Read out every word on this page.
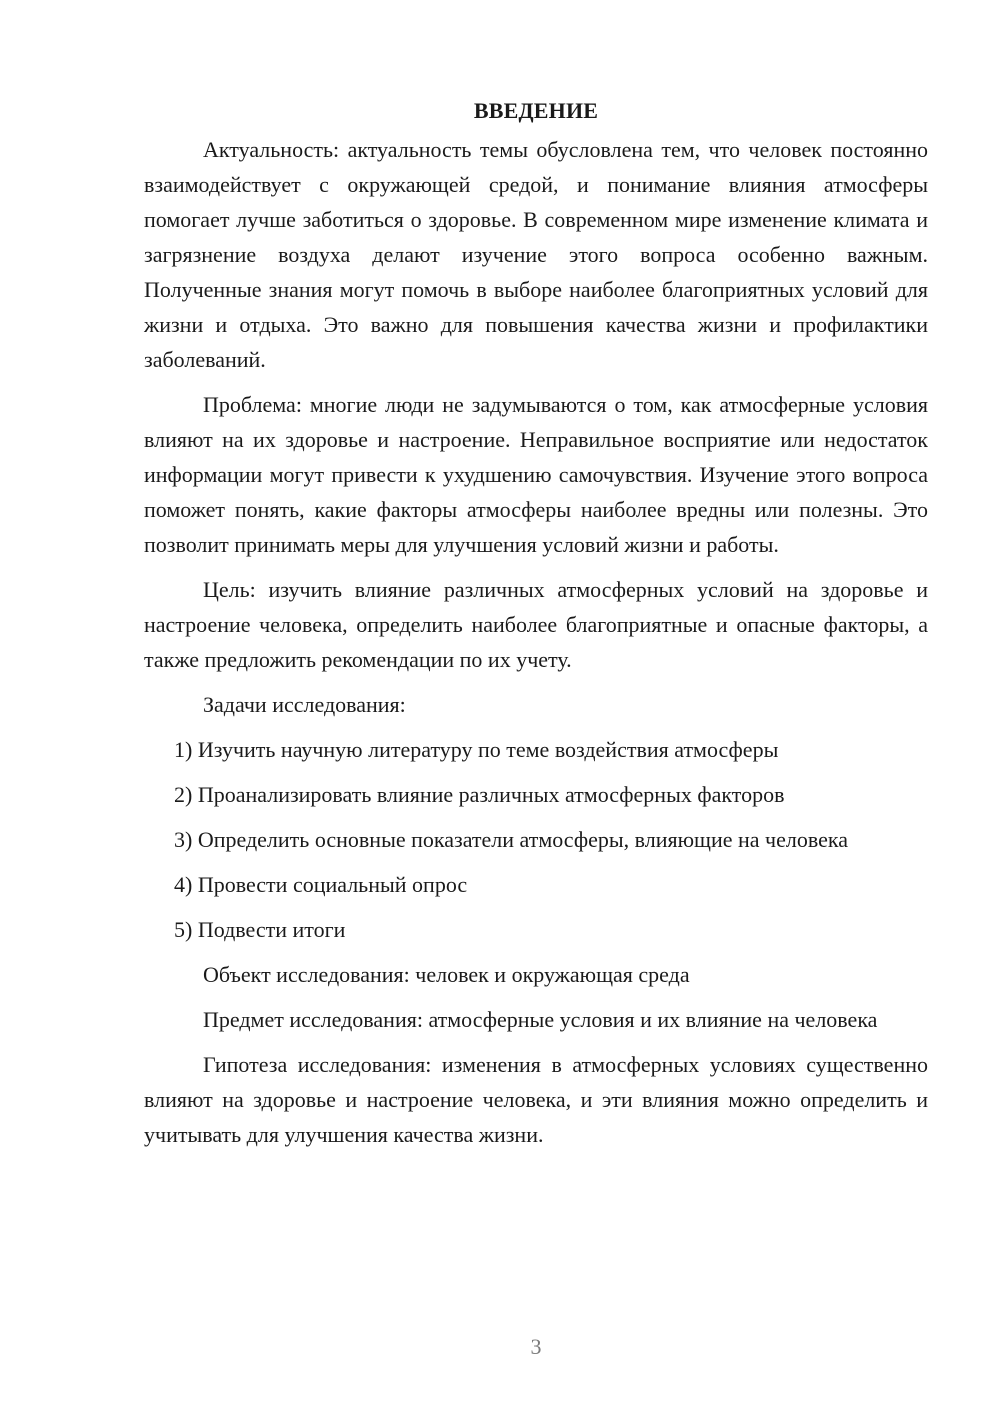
ВВЕДЕНИЕ

Актуальность: актуальность темы обусловлена тем, что человек постоянно взаимодействует с окружающей средой, и понимание влияния атмосферы помогает лучше заботиться о здоровье. В современном мире изменение климата и загрязнение воздуха делают изучение этого вопроса особенно важным. Полученные знания могут помочь в выборе наиболее благоприятных условий для жизни и отдыха. Это важно для повышения качества жизни и профилактики заболеваний.

Проблема: многие люди не задумываются о том, как атмосферные условия влияют на их здоровье и настроение. Неправильное восприятие или недостаток информации могут привести к ухудшению самочувствия. Изучение этого вопроса поможет понять, какие факторы атмосферы наиболее вредны или полезны. Это позволит принимать меры для улучшения условий жизни и работы.

Цель: изучить влияние различных атмосферных условий на здоровье и настроение человека, определить наиболее благоприятные и опасные факторы, а также предложить рекомендации по их учету.

Задачи исследования:

1) Изучить научную литературу по теме воздействия атмосферы

2) Проанализировать влияние различных атмосферных факторов

3) Определить основные показатели атмосферы, влияющие на человека

4) Провести социальный опрос

5) Подвести итоги

Объект исследования: человек и окружающая среда

Предмет исследования: атмосферные условия и их влияние на человека

Гипотеза исследования: изменения в атмосферных условиях существенно влияют на здоровье и настроение человека, и эти влияния можно определить и учитывать для улучшения качества жизни.

3
